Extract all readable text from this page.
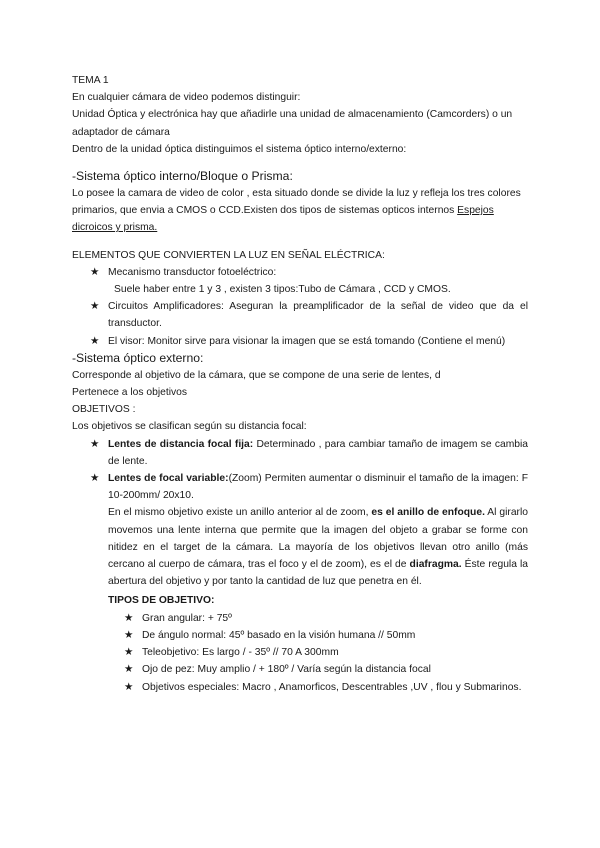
TEMA 1

En cualquier cámara de video podemos distinguir:

Unidad Óptica y electrónica hay que añadirle una unidad de almacenamiento (Camcorders) o un adaptador de cámara

Dentro de la unidad óptica distinguimos el sistema óptico interno/externo:

-Sistema óptico interno/Bloque o Prisma:

Lo posee la camara de video de color , esta situado donde se divide la luz y refleja los tres colores primarios, que envia a CMOS o CCD.Existen dos tipos de sistemas opticos internos Espejos dicroicos y prisma.

ELEMENTOS QUE CONVIERTEN LA LUZ EN SEÑAL ELÉCTRICA:

★ Mecanismo transductor fotoeléctrico:
Suele haber entre 1 y 3 , existen 3 tipos:Tubo de Cámara , CCD y CMOS.
★ Circuitos Amplificadores: Aseguran la preamplificador de la señal de video que da el transductor.
★ El visor: Monitor sirve para visionar la imagen que se está tomando (Contiene el menú)
-Sistema óptico externo:

Corresponde al objetivo de la cámara, que se compone de una serie de lentes, d

Pertenece a los objetivos

OBJETIVOS :

Los objetivos se clasifican según su distancia focal:

★ Lentes de distancia focal fija: Determinado , para cambiar tamaño de imagem se cambia de lente.
★ Lentes de focal variable:(Zoom) Permiten aumentar o disminuir el tamaño de la imagen: F 10-200mm/ 20x10.

En el mismo objetivo existe un anillo anterior al de zoom, es el anillo de enfoque. Al girarlo movemos una lente interna que permite que la imagen del objeto a grabar se forme con nitidez en el target de la cámara. La mayoría de los objetivos llevan otro anillo (más cercano al cuerpo de cámara, tras el foco y el de zoom), es el de diafragma. Éste regula la abertura del objetivo y por tanto la cantidad de luz que penetra en él.

TIPOS DE OBJETIVO:

★ Gran angular: + 75º
★ De ángulo normal: 45º basado en la visión humana // 50mm
★ Teleobjetivo: Es largo / - 35º // 70 A 300mm
★ Ojo de pez: Muy amplio / + 180º / Varía según la distancia focal
★ Objetivos especiales: Macro , Anamorficos, Descentrables ,UV , flou y Submarinos.
